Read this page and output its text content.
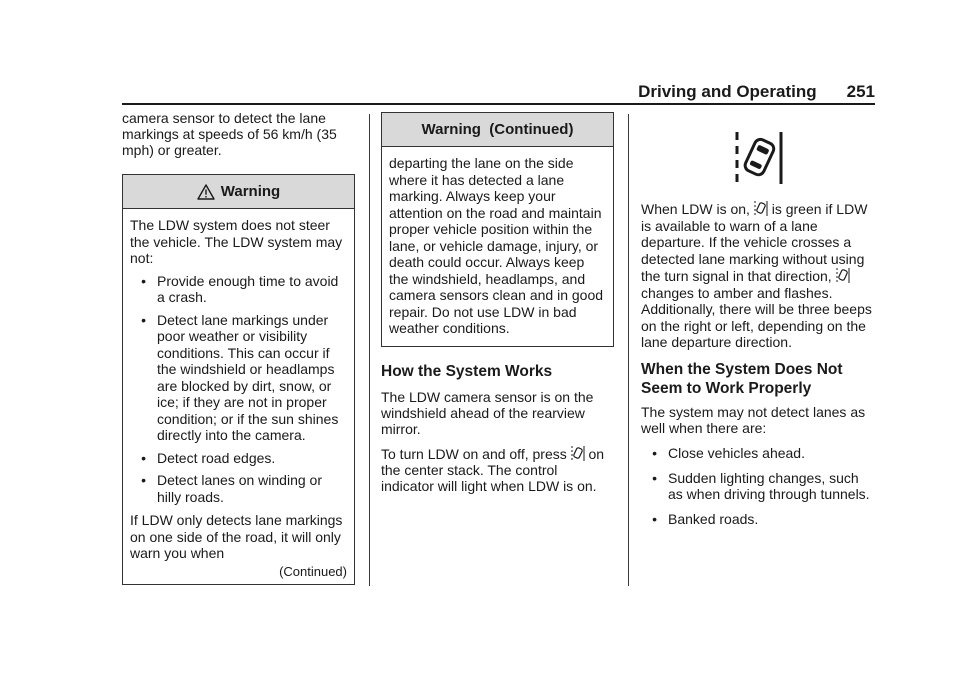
Driving and Operating 251

camera sensor to detect the lane markings at speeds of 56 km/h (35 mph) or greater.

Warning

The LDW system does not steer the vehicle. The LDW system may not:

• Provide enough time to avoid a crash.
• Detect lane markings under poor weather or visibility conditions. This can occur if the windshield or headlamps are blocked by dirt, snow, or ice; if they are not in proper condition; or if the sun shines directly into the camera.
• Detect road edges.
• Detect lanes on winding or hilly roads.

If LDW only detects lane markings on one side of the road, it will only warn you when

(Continued)
Warning  (Continued)

departing the lane on the side where it has detected a lane marking. Always keep your attention on the road and maintain proper vehicle position within the lane, or vehicle damage, injury, or death could occur. Always keep the windshield, headlamps, and camera sensors clean and in good repair. Do not use LDW in bad weather conditions.

How the System Works

The LDW camera sensor is on the windshield ahead of the rearview mirror.

To turn LDW on and off, press on the center stack. The control indicator will light when LDW is on.

When LDW is on, is green if LDW is available to warn of a lane departure. If the vehicle crosses a detected lane marking without using the turn signal in that direction,  changes to amber and flashes. Additionally, there will be three beeps on the right or left, depending on the lane departure direction.

When the System Does Not Seem to Work Properly

The system may not detect lanes as well when there are:

• Close vehicles ahead.
• Sudden lighting changes, such as when driving through tunnels.
• Banked roads.
